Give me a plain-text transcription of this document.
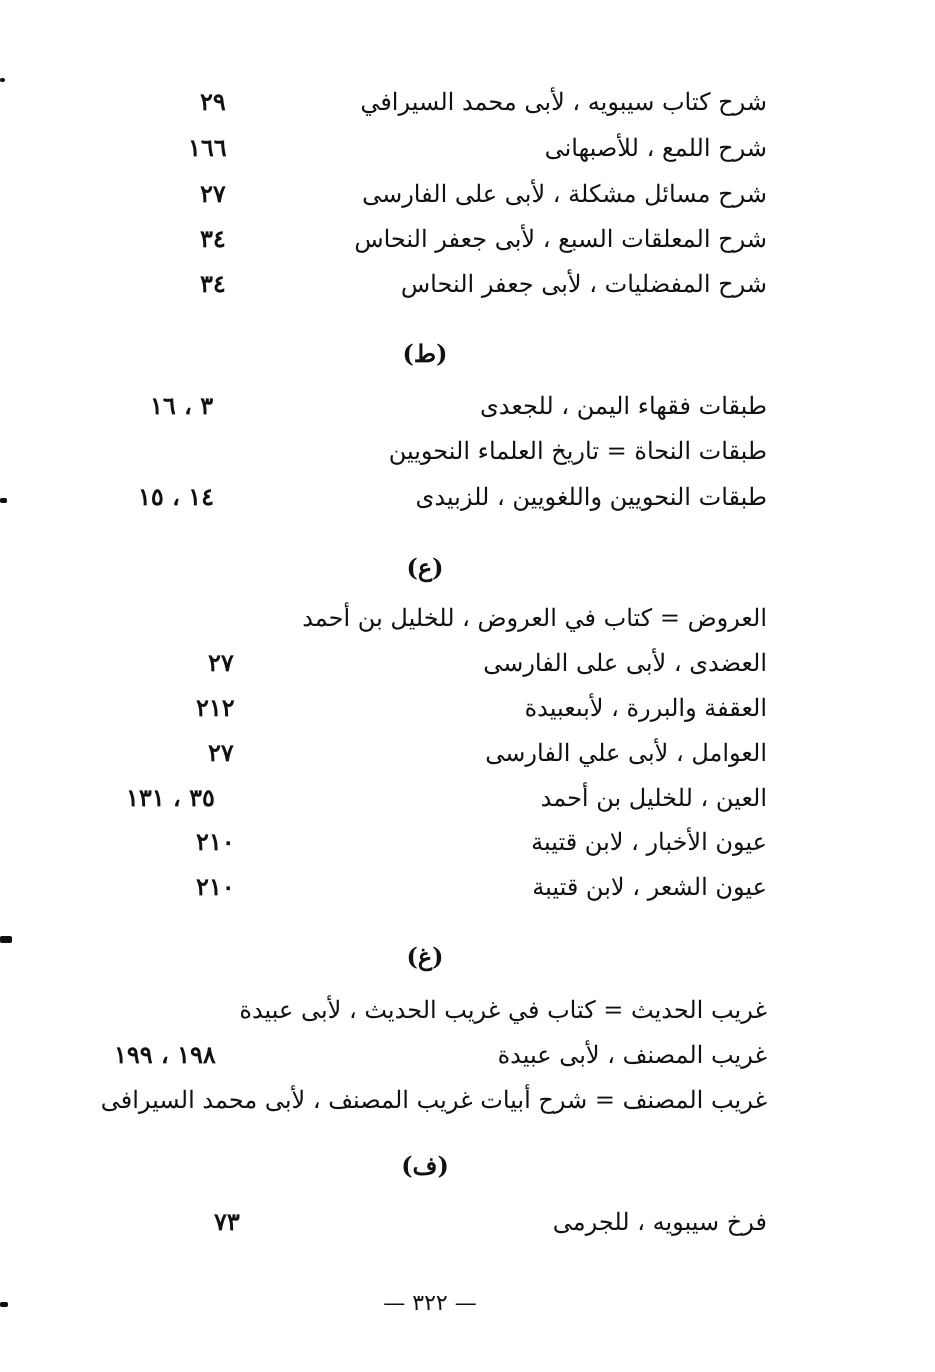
شرح كتاب سيبويه ، لأبى محمد السيرافي
٢٩
شرح اللمع ، للأصبهانى
١٦٦
شرح مسائل مشكلة ، لأبى على الفارسى
٢٧
شرح المعلقات السبع ، لأبى جعفر النحاس
٣٤
شرح المفضليات ، لأبى جعفر النحاس
٣٤
(ط)
طبقات فقهاء اليمن ، للجعدى
٣ ، ١٦
طبقات النحاة = تاريخ العلماء النحويين
طبقات النحويين واللغويين ، للزبيدى
١٤ ، ١٥
(ع)
العروض = كتاب في العروض ، للخليل بن أحمد
العضدى ، لأبى على الفارسى
٢٧
العقفة والبررة ، لأبىعبيدة
٢١٢
العوامل ، لأبى علي الفارسى
٢٧
العين ، للخليل بن أحمد
٣٥ ، ١٣١
عيون الأخبار ، لابن قتيبة
٢١٠
عيون الشعر ، لابن قتيبة
٢١٠
(غ)
غريب الحديث = كتاب في غريب الحديث ، لأبى عبيدة
غريب المصنف ، لأبى عبيدة
١٩٨ ، ١٩٩
غريب المصنف = شرح أبيات غريب المصنف ، لأبى محمد السيرافى
(ف)
فرخ سيبويه ، للجرمى
٧٣
— ٣٢٢ —
